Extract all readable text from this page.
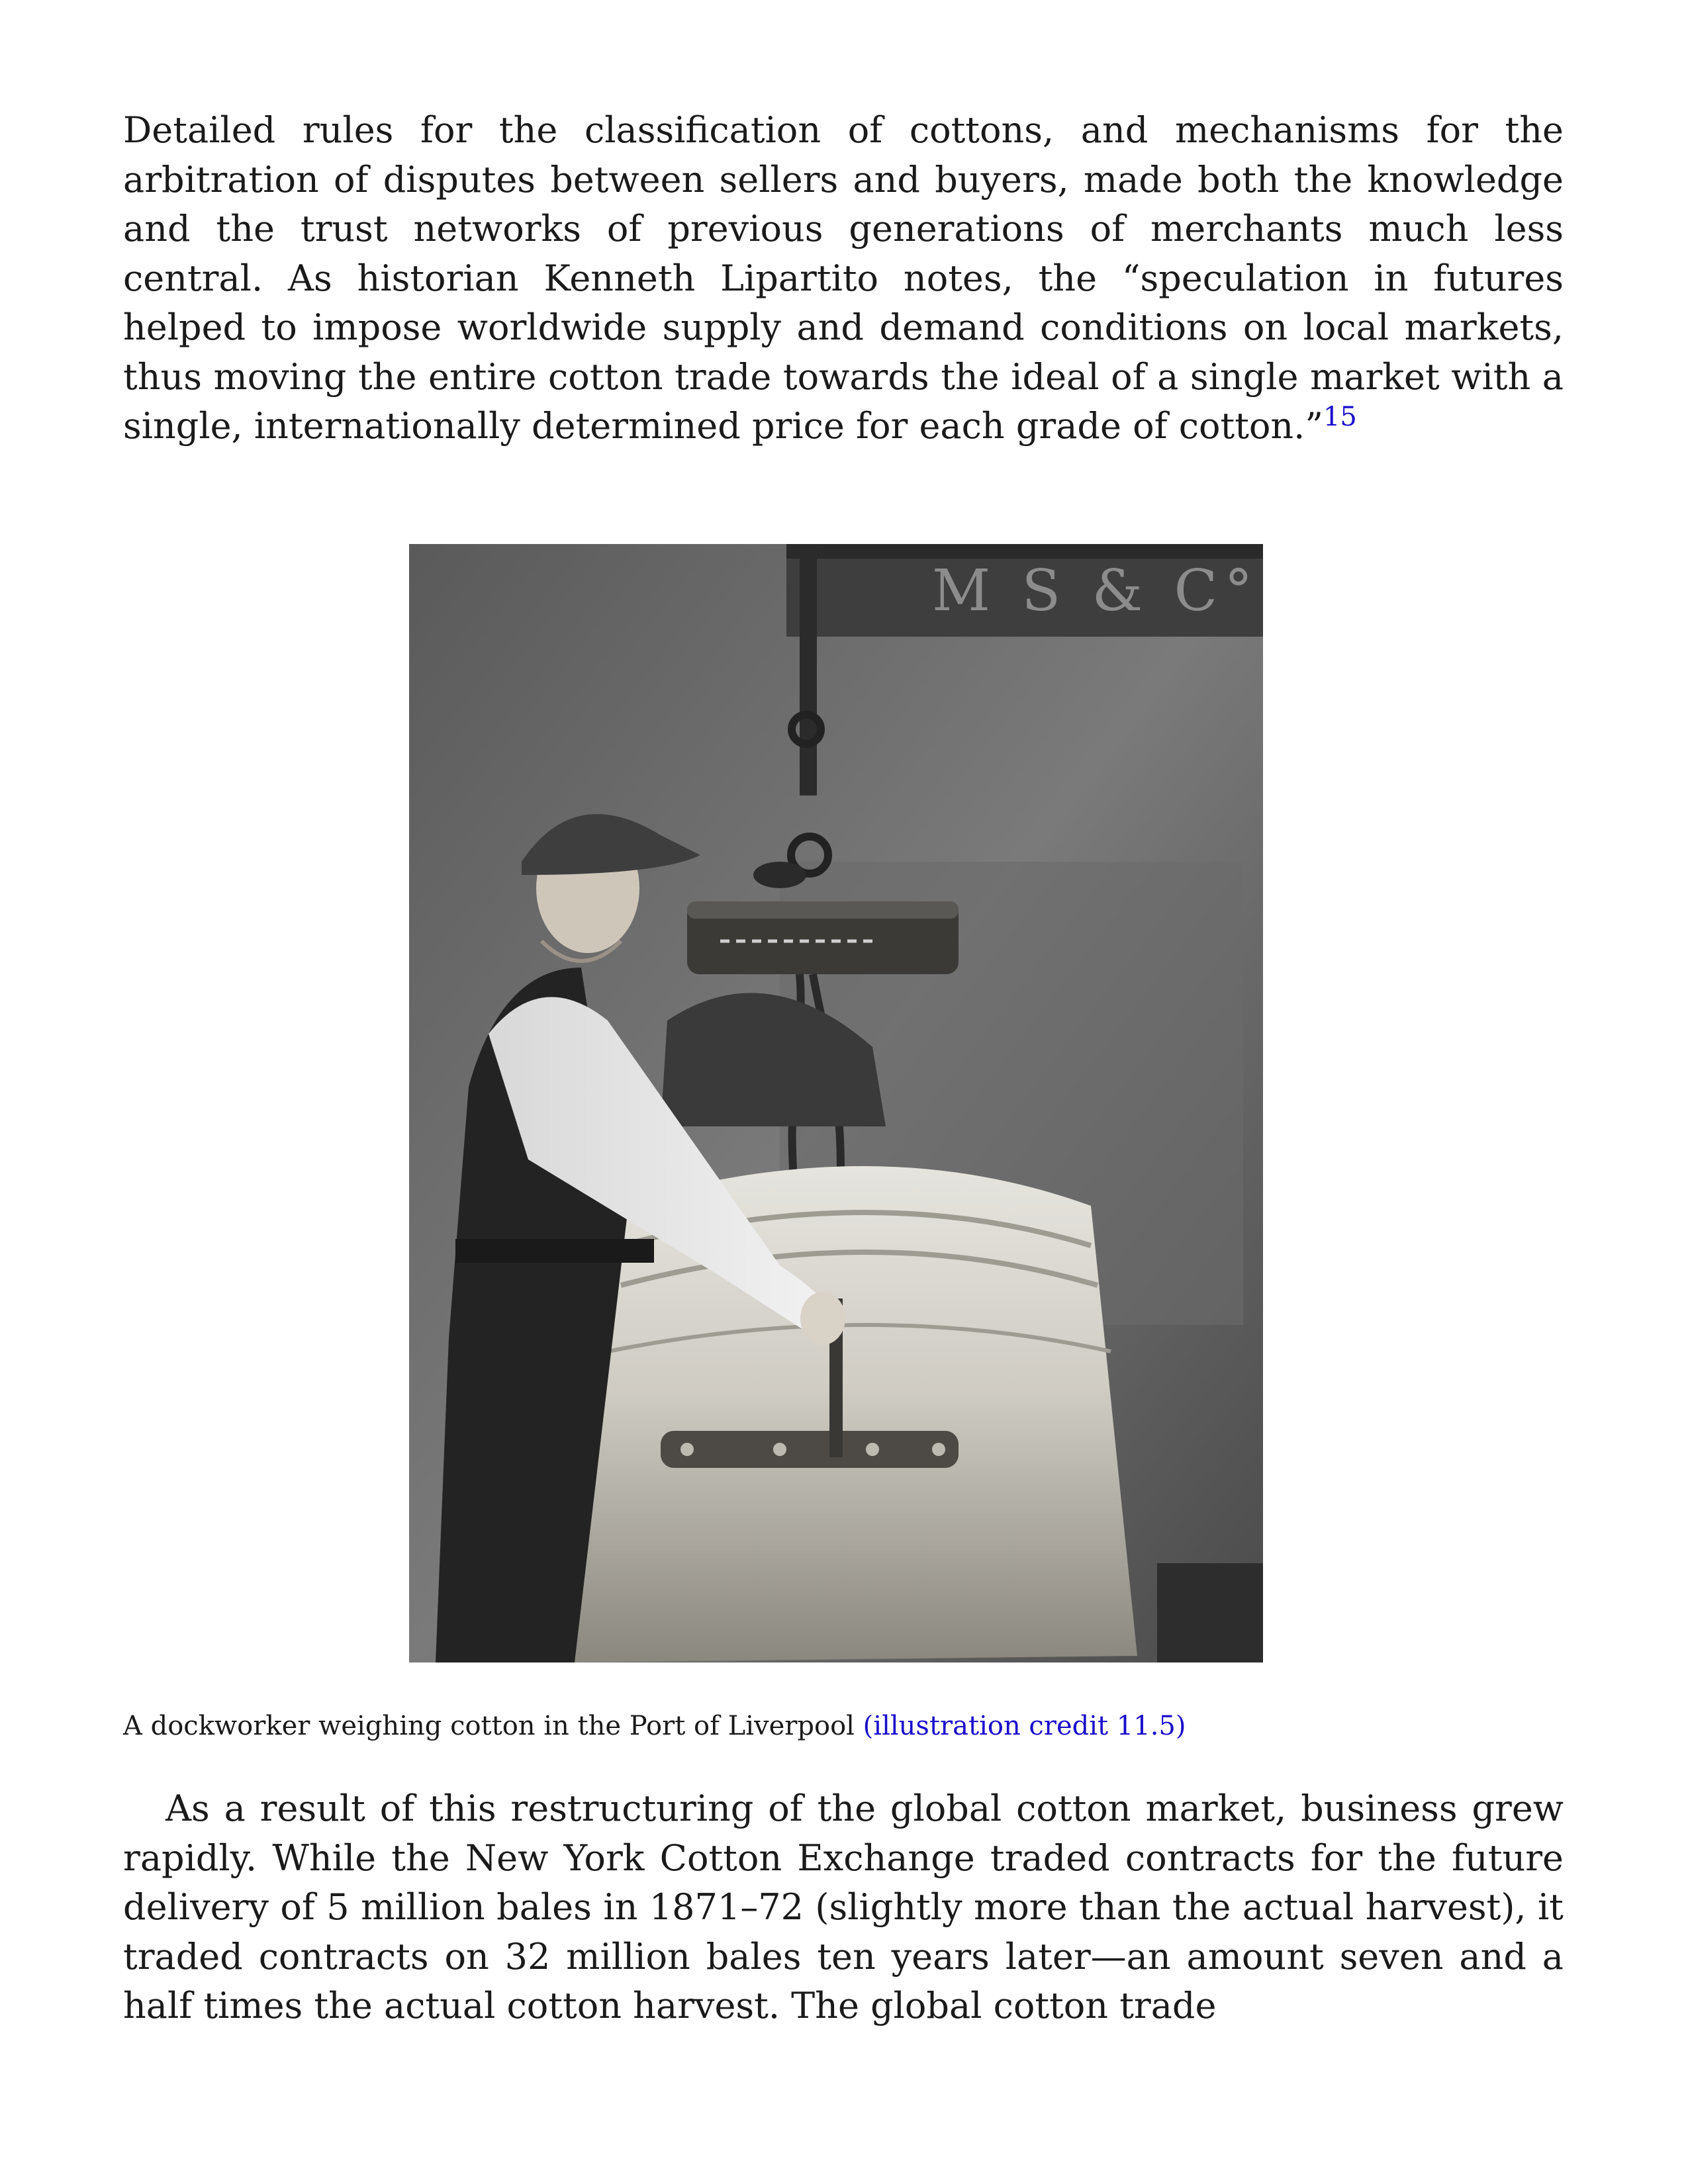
Detailed rules for the classification of cottons, and mechanisms for the arbitration of disputes between sellers and buyers, made both the knowledge and the trust networks of previous generations of merchants much less central. As historian Kenneth Lipartito notes, the “speculation in futures helped to impose worldwide supply and demand conditions on local markets, thus moving the entire cotton trade towards the ideal of a single market with a single, internationally determined price for each grade of cotton.”$^{15}$

M S & C°

A dockworker weighing cotton in the Port of Liverpool (illustration credit 11.5)

As a result of this restructuring of the global cotton market, business grew rapidly. While the New York Cotton Exchange traded contracts for the future delivery of 5 million bales in 1871–72 (slightly more than the actual harvest), it traded contracts on 32 million bales ten years later—an amount seven and a half times the actual cotton harvest. The global cotton trade
